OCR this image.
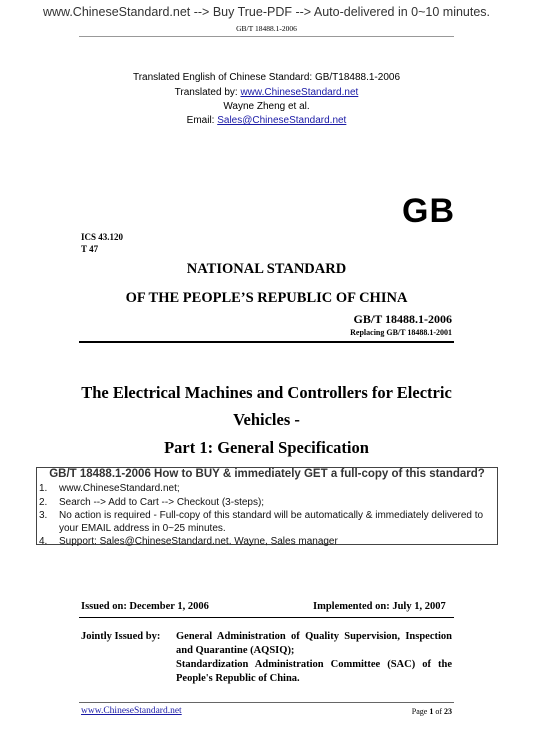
www.ChineseStandard.net --> Buy True-PDF --> Auto-delivered in 0~10 minutes.
GB/T 18488.1-2006
Translated English of Chinese Standard: GB/T18488.1-2006
Translated by: www.ChineseStandard.net
Wayne Zheng et al.
Email: Sales@ChineseStandard.net
GB
ICS 43.120
T 47
NATIONAL STANDARD
OF THE PEOPLE’S REPUBLIC OF CHINA
GB/T 18488.1-2006
Replacing GB/T 18488.1-2001
The Electrical Machines and Controllers for Electric
Vehicles -
Part 1: General Specification
GB/T 18488.1-2006 How to BUY & immediately GET a full-copy of this standard?
1. www.ChineseStandard.net;
2. Search --> Add to Cart --> Checkout (3-steps);
3. No action is required - Full-copy of this standard will be automatically & immediately delivered to
your EMAIL address in 0~25 minutes.
4. Support: Sales@ChineseStandard.net. Wayne, Sales manager
Issued on: December 1, 2006	Implemented on: July 1, 2007
Jointly Issued by: General Administration of Quality Supervision, Inspection
and Quarantine (AQSIQ);
Standardization Administration Committee (SAC) of the
People's Republic of China.
www.ChineseStandard.net	Page 1 of 23
